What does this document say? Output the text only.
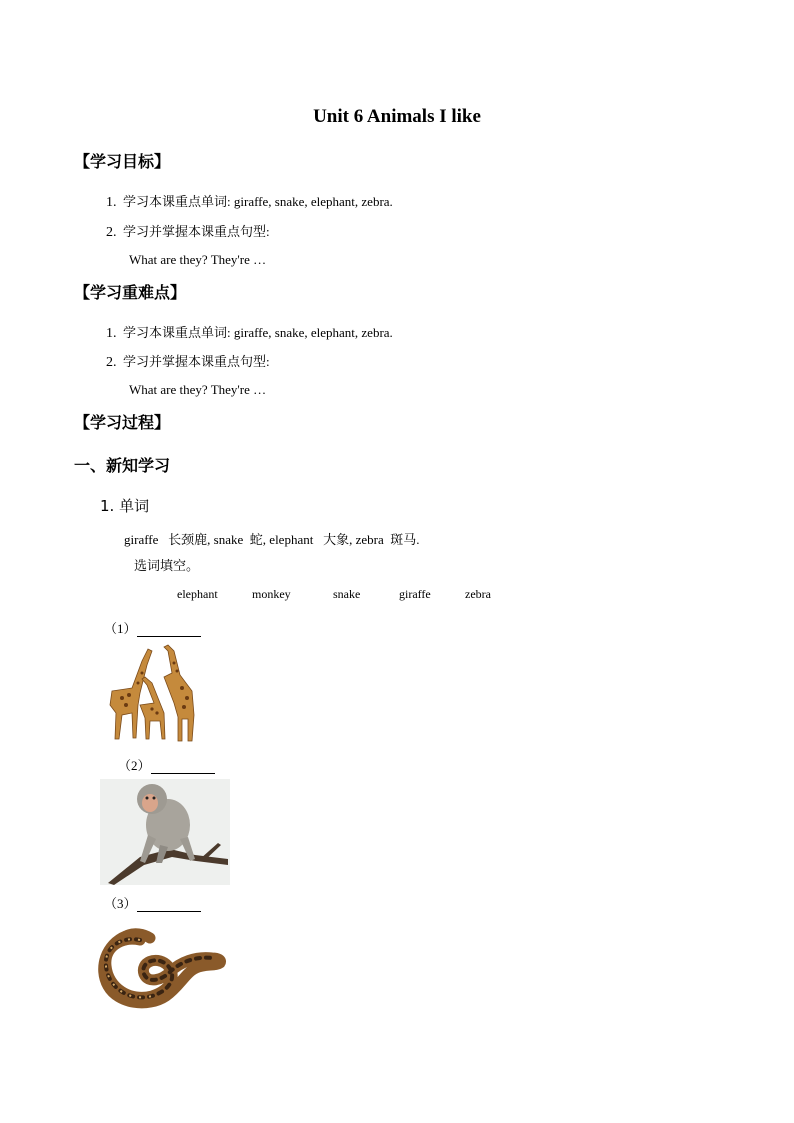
Unit 6 Animals I like
【学习目标】
1. 学习本课重点单词: giraffe, snake, elephant, zebra.
2. 学习并掌握本课重点句型:
What are they? They're …
【学习重难点】
1. 学习本课重点单词: giraffe, snake, elephant, zebra.
2. 学习并掌握本课重点句型:
What are they? They're …
【学习过程】
一、新知学习
1. 单词
giraffe 长颈鹿, snake 蛇, elephant 大象, zebra 斑马.
选词填空。
elephant	monkey	snake	giraffe	zebra
（1）
（2）
（3）
